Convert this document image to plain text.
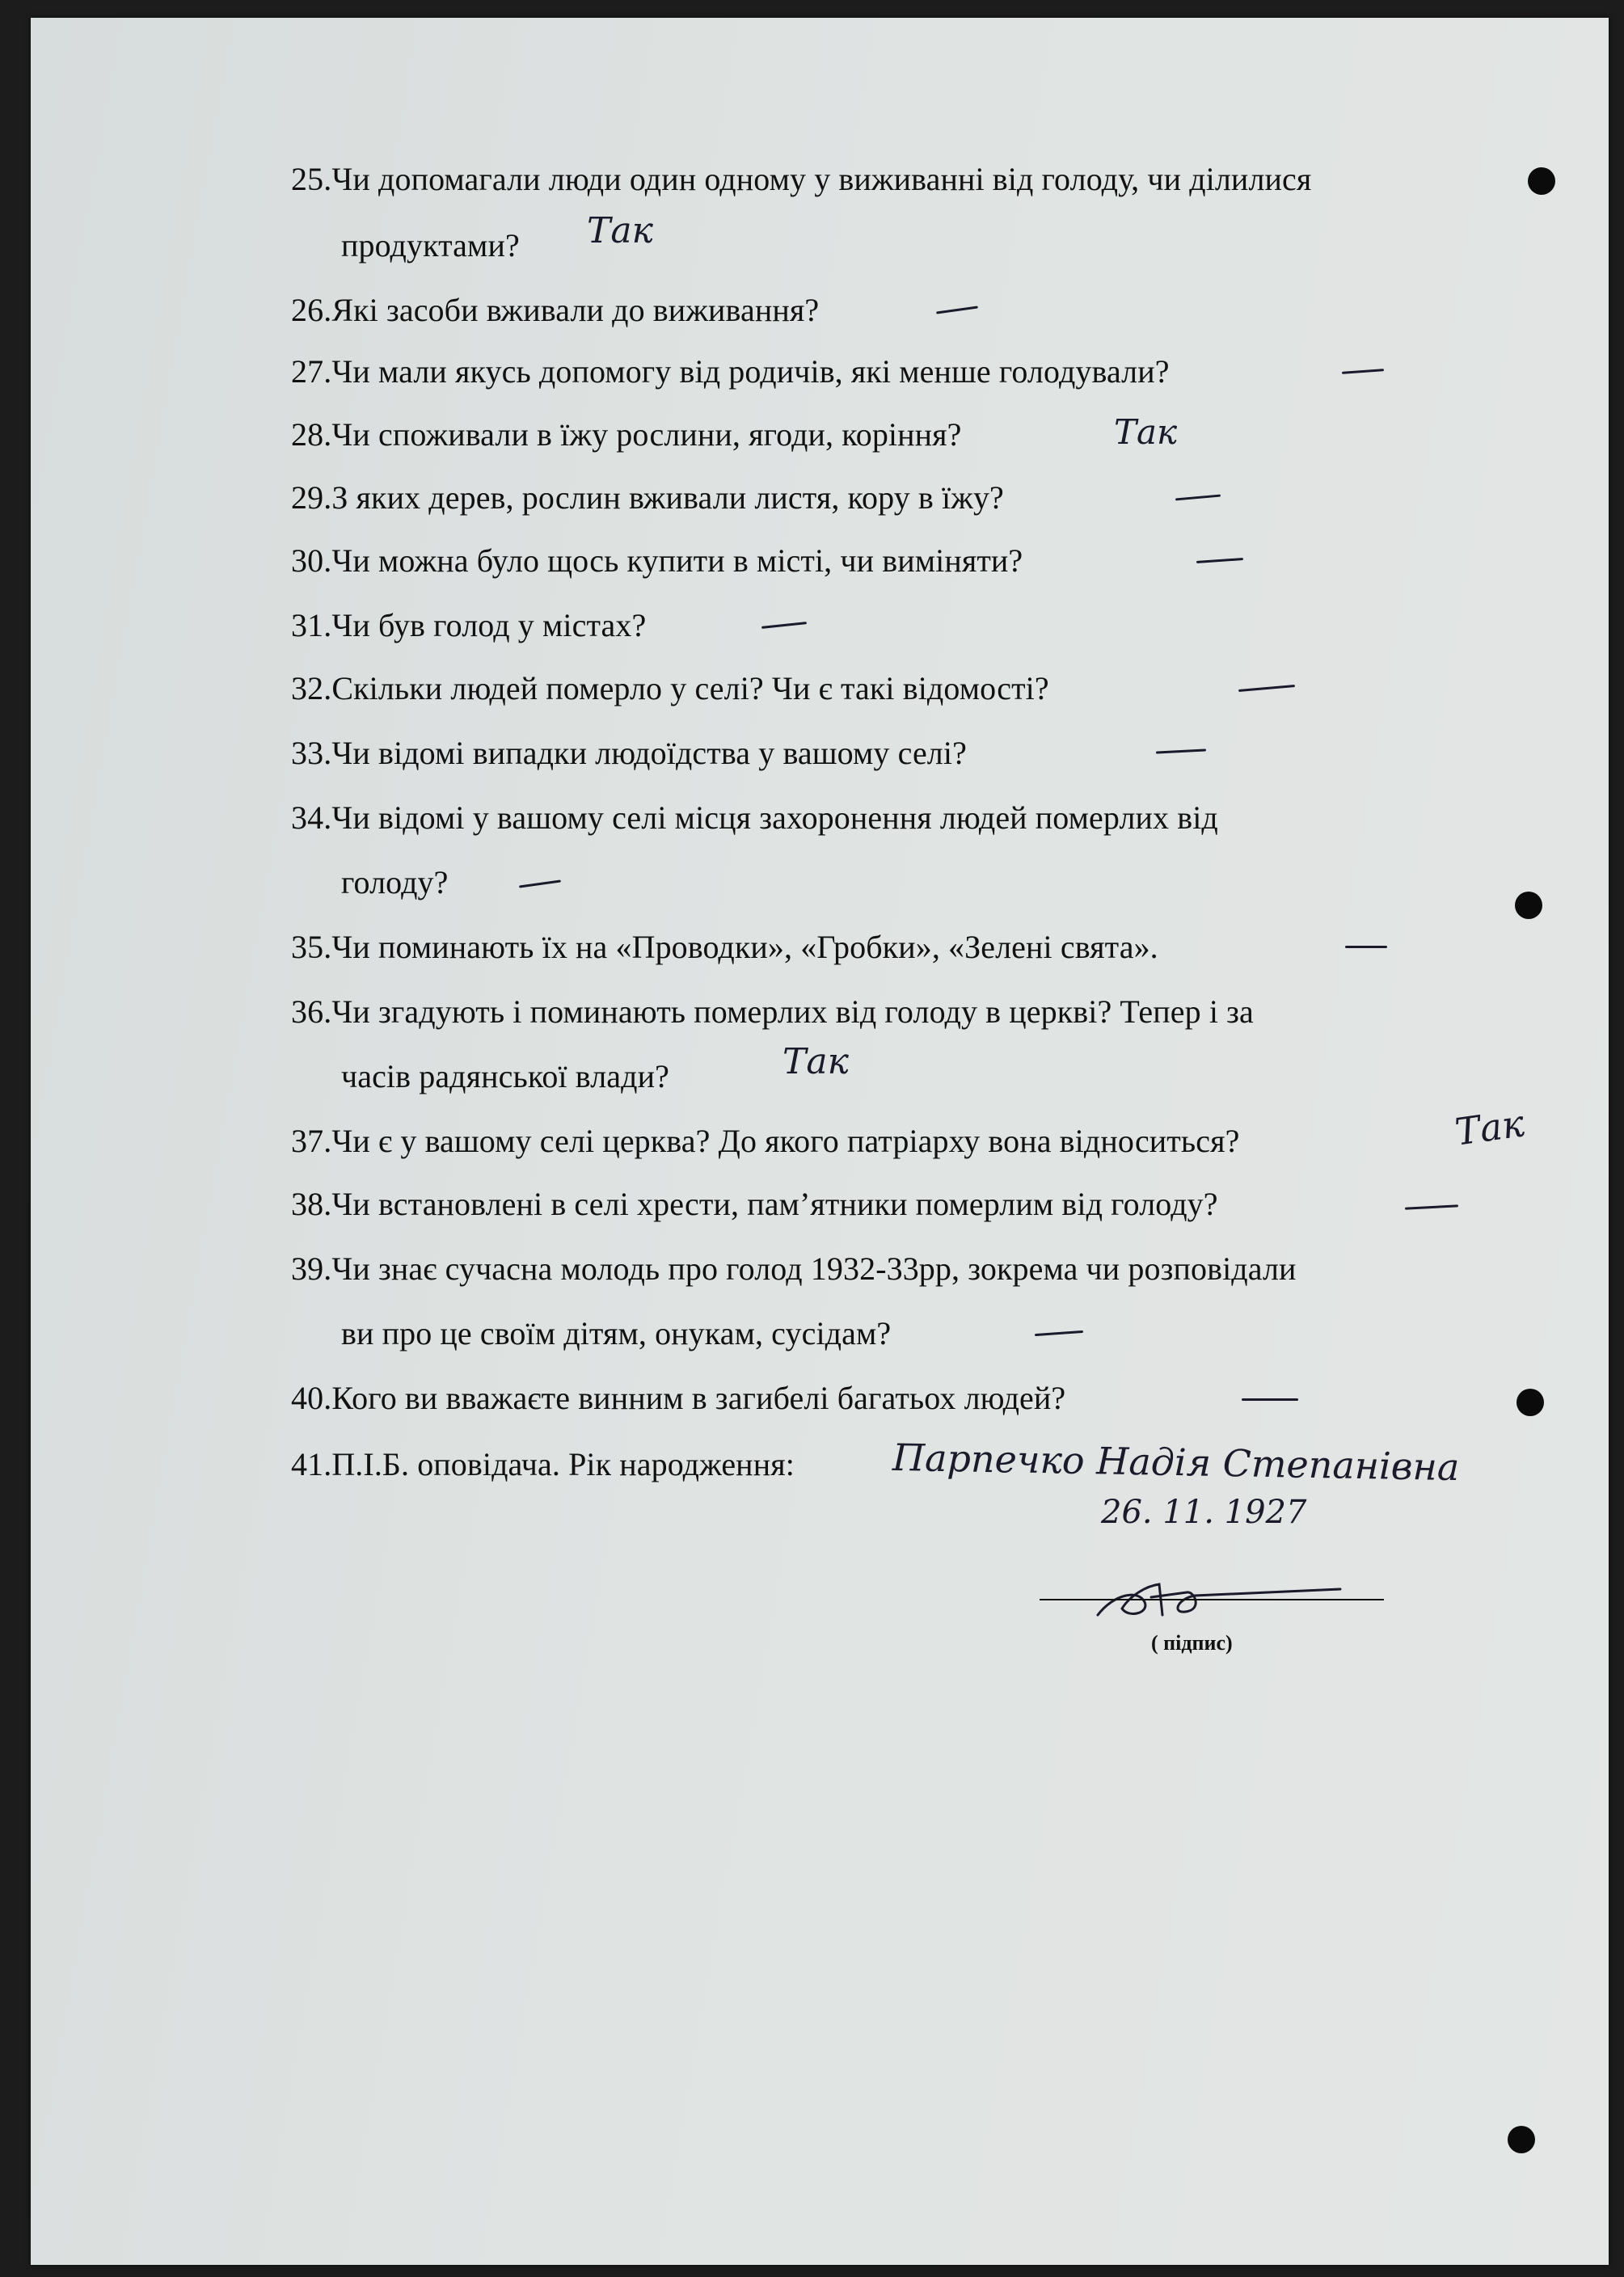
25.Чи допомагали люди один одному у виживанні від голоду, чи ділилися
продуктами? Так
26.Які засоби вживали до виживання?
27.Чи мали якусь допомогу від родичів, які менше голодували?
28.Чи споживали в їжу рослини, ягоди, коріння?	Так
29.З яких дерев, рослин вживали листя, кору в їжу?
30.Чи можна було щось купити в місті, чи виміняти?
31.Чи був голод у містах?
32.Скільки людей померло у селі? Чи є такі відомості?
33.Чи відомі випадки людоїдства у вашому селі?
34.Чи відомі у вашому селі місця захоронення людей померлих від
голоду?
35.Чи поминають їх на «Проводки», «Гробки», «Зелені свята».
36.Чи згадують і поминають померлих від голоду в церкві? Тепер і за
часів радянської влади?	Так
37.Чи є у вашому селі церква? До якого патріарху вона відноситься?	Так
38.Чи встановлені в селі хрести, пам’ятники померлим від голоду?
39.Чи знає сучасна молодь про голод 1932-33рр, зокрема чи розповідали
ви про це своїм дітям, онукам, сусідам?
40.Кого ви вважаєте винним в загибелі багатьох людей?
41.П.І.Б. оповідача. Рік народження:	Парпечко Надія Степанівна
26. 11. 1927
( підпис)
